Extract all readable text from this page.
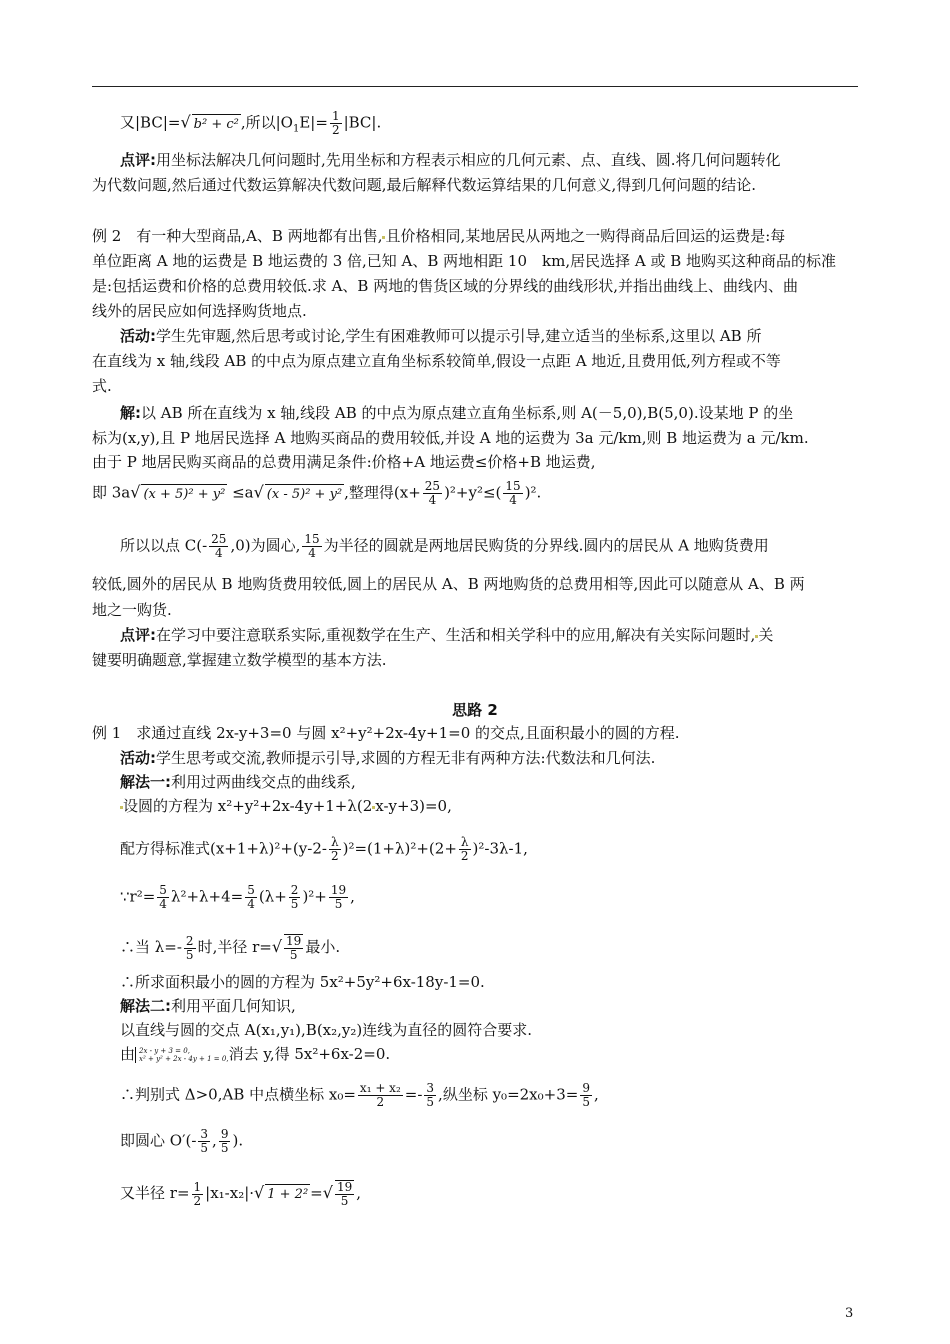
又|BC|=√ b² + c² ,所以$|O_1E|= \frac{1}{2} |BC|$.
点评:用坐标法解决几何问题时,先用坐标和方程表示相应的几何元素、点、直线、圆.将几何问题转化
为代数问题,然后通过代数运算解决代数问题,最后解释代数运算结果的几何意义,得到几何问题的结论.
例 2　有一种大型商品,A、B 两地都有出售, 且价格相同,某地居民从两地之一购得商品后回运的运费是:每
单位距离 A 地的运费是 B 地运费的 3 倍,已知 A、B 两地相距 10　km,居民选择 A 或 B 地购买这种商品的标准
是:包括运费和价格的总费用较低.求 A、B 两地的售货区域的分界线的曲线形状,并指出曲线上、曲线内、曲
线外的居民应如何选择购货地点.
活动:学生先审题,然后思考或讨论,学生有困难教师可以提示引导,建立适当的坐标系,这里以 AB 所
在直线为 x 轴,线段 AB 的中点为原点建立直角坐标系较简单,假设一点距 A 地近,且费用低,列方程或不等
式.
解:以 AB 所在直线为 x 轴,线段 AB 的中点为原点建立直角坐标系,则 A(－5,0),B(5,0).设某地 P 的坐
标为(x,y),且 P 地居民选择 A 地购买商品的费用较低,并设 A 地的运费为 3a 元/km,则 B 地运费为 a 元/km.
由于 P 地居民购买商品的总费用满足条件:价格+A 地运费≤价格+B 地运费,
即 3a√ (x + 5)² + y² ≤a√ (x - 5)² + y² ,整理得$(x+ \frac{25}{4} )^2+y^2\le( \frac{15}{4} )^2$.
所以以点 $C(- \frac{25}{4} ,0)$为圆心, $\frac{15}{4}$ 为半径的圆就是两地居民购货的分界线.圆内的居民从 A 地购货费用
较低,圆外的居民从 B 地购货费用较低,圆上的居民从 A、B 两地购货的总费用相等,因此可以随意从 A、B 两
地之一购货.
点评:在学习中要注意联系实际,重视数学在生产、生活和相关学科中的应用,解决有关实际问题时, 关
键要明确题意,掌握建立数学模型的基本方法.
思路 2
例 1　求通过直线 2x-y+3=0 与圆 x²+y²+2x-4y+1=0 的交点,且面积最小的圆的方程.
活动:学生思考或交流,教师提示引导,求圆的方程无非有两种方法:代数法和几何法.
解法一:利用过两曲线交点的曲线系,
设圆的方程为 x²+y²+2x-4y+1+λ(2 x-y+3)=0,
配方得标准式$(x+1+\lambda)^2+(y-2- \frac{\lambda}{2} )^2=(1+\lambda)^2+(2+ \frac{\lambda}{2} )^2-3\lambda-1$,
∵r²= $\frac{5}{4} \lambda^2+\lambda+4= \frac{5}{4} (\lambda+ \frac{2}{5} )^2+ \frac{19}{5}$ ,
∴当 $\lambda=- \frac{2}{5}$ 时,半径 $r=√ \frac{19}{5}$ 最小.
∴所求面积最小的圆的方程为 5x²+5y²+6x-18y-1=0.
解法二:利用平面几何知识,
以直线与圆的交点 A(x₁,y₁),B(x₂,y₂)连线为直径的圆符合要求.
由 2x - y + 3 = 0,
x² + y² + 2x - 4y + 1 = 0, 消去 y,得 5x²+6x-2=0.
∴判别式 Δ>0,AB 中点横坐标 $x_0= \frac{\text{x₁ + x₂}}{2} =- \frac{3}{5}$ ,纵坐标 $y_0=2x_0+3= \frac{9}{5}$ ,
即圆心 $O'(- \frac{3}{5}$ , $\frac{9}{5}$ ).
又半径 $r= \frac{1}{2} |x_1-x_2|\cdot√$ 1 + 2² =√ $\frac{19}{5}$ ,
3
